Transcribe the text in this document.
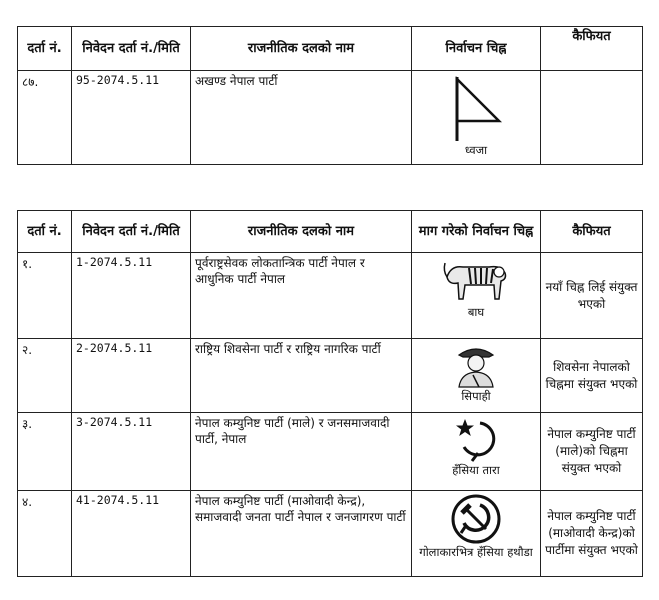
दर्ता नं.	निवेदन दर्ता नं./मिति	राजनीतिक दलको नाम	निर्वाचन चिह्न	कैफियत
८७.	95-2074.5.11	अखण्ड नेपाल पार्टी	ध्वजा	

दर्ता नं.	निवेदन दर्ता नं./मिति	राजनीतिक दलको नाम	माग गरेको निर्वाचन चिह्न	कैफियत
१.	1-2074.5.11	पूर्वराष्ट्रसेवक लोकतान्त्रिक पार्टी नेपाल र आधुनिक पार्टी नेपाल	बाघ	नयाँ चिह्न लिई संयुक्त भएको
२.	2-2074.5.11	राष्ट्रिय शिवसेना पार्टी र राष्ट्रिय नागरिक पार्टी	सिपाही	शिवसेना नेपालको चिह्नमा संयुक्त भएको
३.	3-2074.5.11	नेपाल कम्युनिष्ट पार्टी (माले) र जनसमाजवादी पार्टी, नेपाल	हँसिया तारा	नेपाल कम्युनिष्ट पार्टी (माले)को चिह्नमा संयुक्त भएको
४.	41-2074.5.11	नेपाल कम्युनिष्ट पार्टी (माओवादी केन्द्र), समाजवादी जनता पार्टी नेपाल र जनजागरण पार्टी	गोलाकारभित्र हँसिया हथौडा	नेपाल कम्युनिष्ट पार्टी (माओवादी केन्द्र)को पार्टीमा संयुक्त भएको
